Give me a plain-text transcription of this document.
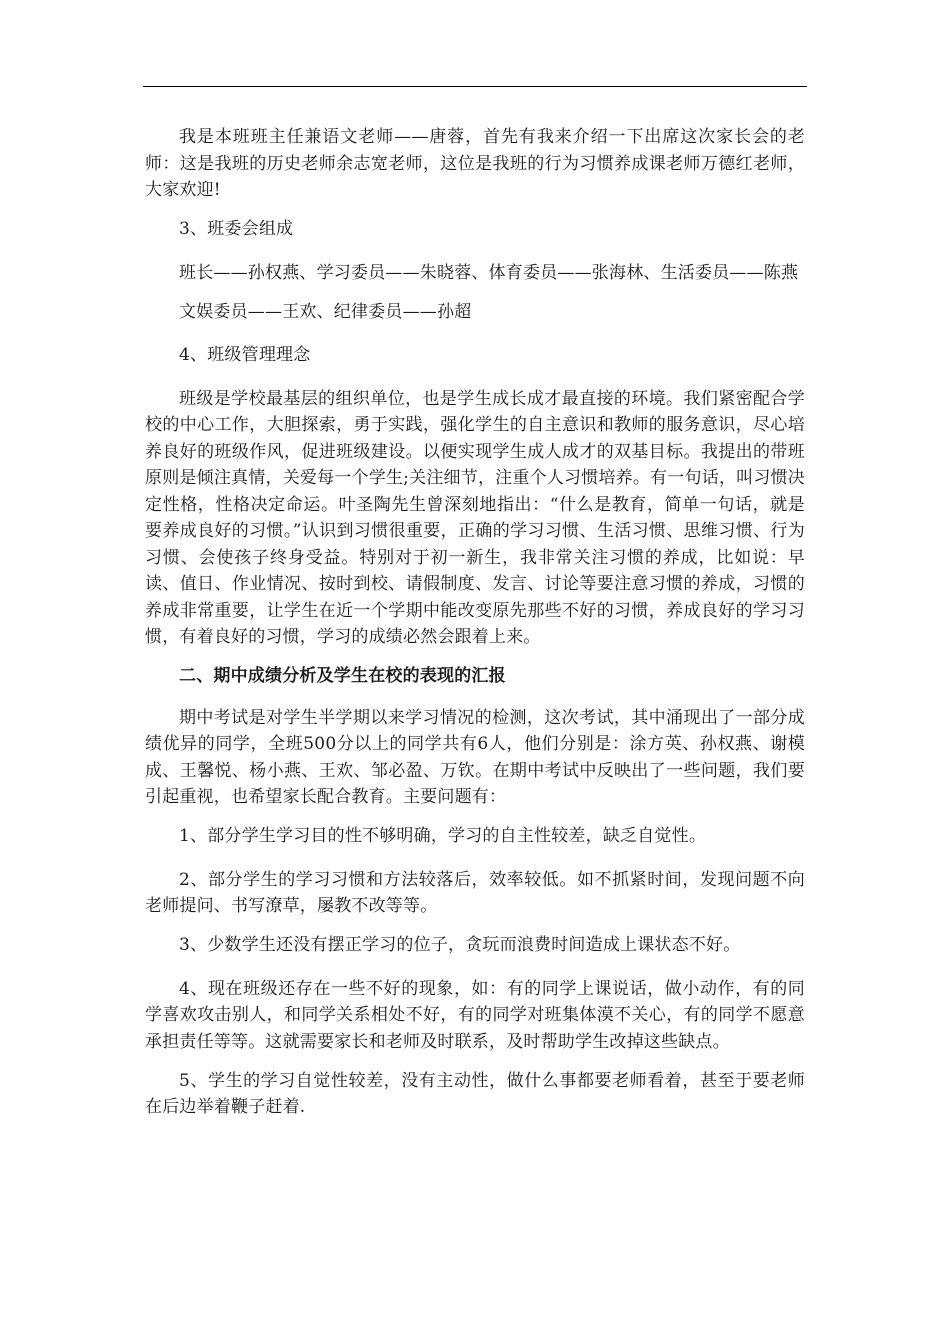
我是本班班主任兼语文老师——唐蓉，首先有我来介绍一下出席这次家长会的老师：这是我班的历史老师余志宽老师，这位是我班的行为习惯养成课老师万德红老师，大家欢迎!

3、班委会组成

班长——孙权燕、学习委员——朱晓蓉、体育委员——张海林、生活委员——陈燕

文娱委员——王欢、纪律委员——孙超

4、班级管理理念

班级是学校最基层的组织单位，也是学生成长成才最直接的环境。我们紧密配合学校的中心工作，大胆探索，勇于实践，强化学生的自主意识和教师的服务意识，尽心培养良好的班级作风，促进班级建设。以便实现学生成人成才的双基目标。我提出的带班原则是倾注真情，关爱每一个学生;关注细节，注重个人习惯培养。有一句话，叫习惯决定性格，性格决定命运。叶圣陶先生曾深刻地指出：“什么是教育，简单一句话，就是要养成良好的习惯。”认识到习惯很重要，正确的学习习惯、生活习惯、思维习惯、行为习惯、会使孩子终身受益。特别对于初一新生，我非常关注习惯的养成，比如说：早读、值日、作业情况、按时到校、请假制度、发言、讨论等要注意习惯的养成，习惯的养成非常重要，让学生在近一个学期中能改变原先那些不好的习惯，养成良好的学习习惯，有着良好的习惯，学习的成绩必然会跟着上来。

二、期中成绩分析及学生在校的表现的汇报

期中考试是对学生半学期以来学习情况的检测，这次考试，其中涌现出了一部分成绩优异的同学，全班500分以上的同学共有6人，他们分别是：涂方英、孙权燕、谢模成、王馨悦、杨小燕、王欢、邹必盈、万钦。在期中考试中反映出了一些问题，我们要引起重视，也希望家长配合教育。主要问题有：

1、部分学生学习目的性不够明确，学习的自主性较差，缺乏自觉性。

2、部分学生的学习习惯和方法较落后，效率较低。如不抓紧时间，发现问题不向老师提问、书写潦草，屡教不改等等。

3、少数学生还没有摆正学习的位子，贪玩而浪费时间造成上课状态不好。

4、现在班级还存在一些不好的现象，如：有的同学上课说话，做小动作，有的同学喜欢攻击别人，和同学关系相处不好，有的同学对班集体漠不关心，有的同学不愿意承担责任等等。这就需要家长和老师及时联系，及时帮助学生改掉这些缺点。

5、学生的学习自觉性较差，没有主动性，做什么事都要老师看着，甚至于要老师在后边举着鞭子赶着.
